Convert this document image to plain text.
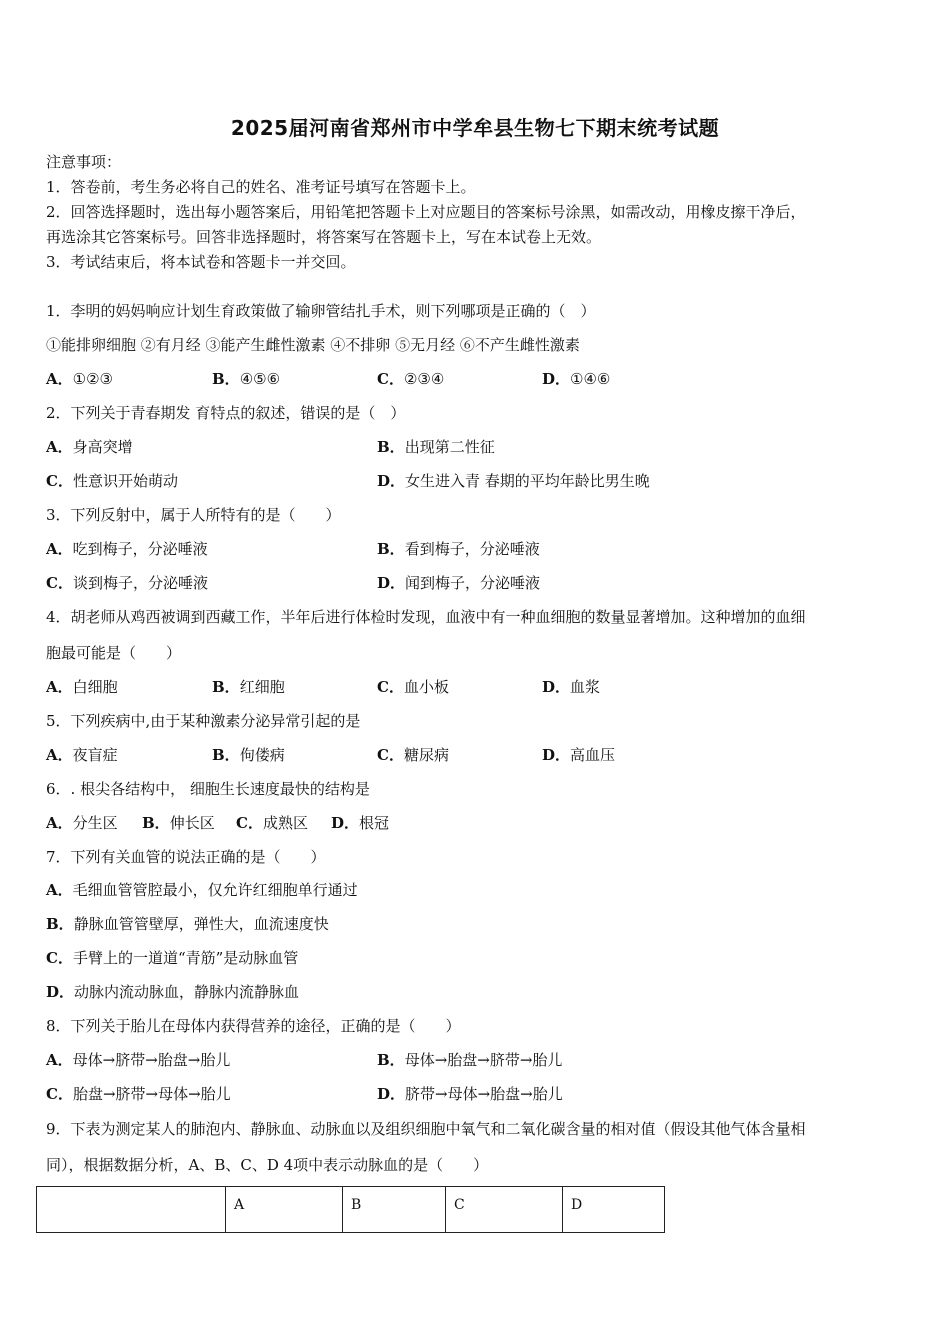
2025届河南省郑州市中学牟县生物七下期末统考试题
注意事项：
1．答卷前，考生务必将自己的姓名、准考证号填写在答题卡上。
2．回答选择题时，选出每小题答案后，用铅笔把答题卡上对应题目的答案标号涂黑，如需改动，用橡皮擦干净后，
再选涂其它答案标号。回答非选择题时，将答案写在答题卡上，写在本试卷上无效。
3．考试结束后，将本试卷和答题卡一并交回。
1．李明的妈妈响应计划生育政策做了输卵管结扎手术，则下列哪项是正确的（　）
①能排卵细胞 ②有月经 ③能产生雌性激素 ④不排卵 ⑤无月经 ⑥不产生雌性激素
A．①②③	B．④⑤⑥	C．②③④	D．①④⑥
2．下列关于青春期发 育特点的叙述，错误的是（　）
A．身高突增	B．出现第二性征
C．性意识开始萌动	D．女生进入青 春期的平均年龄比男生晚
3．下列反射中，属于人所特有的是（　　）
A．吃到梅子，分泌唾液	B．看到梅子，分泌唾液
C．谈到梅子，分泌唾液	D．闻到梅子，分泌唾液
4．胡老师从鸡西被调到西藏工作，半年后进行体检时发现，血液中有一种血细胞的数量显著增加。这种增加的血细
胞最可能是（　　）
A．白细胞	B．红细胞	C．血小板	D．血浆
5．下列疾病中,由于某种激素分泌异常引起的是
A．夜盲症	B．佝偻病	C．糖尿病	D．高血压
6．. 根尖各结构中， 细胞生长速度最快的结构是
A．分生区 B．伸长区 C．成熟区 D．根冠
7．下列有关血管的说法正确的是（　　）
A．毛细血管管腔最小，仅允许红细胞单行通过
B．静脉血管管壁厚，弹性大，血流速度快
C．手臂上的一道道“青筋”是动脉血管
D．动脉内流动脉血，静脉内流静脉血
8．下列关于胎儿在母体内获得营养的途径，正确的是（　　）
A．母体→脐带→胎盘→胎儿	B．母体→胎盘→脐带→胎儿
C．胎盘→脐带→母体→胎儿	D．脐带→母体→胎盘→胎儿
9．下表为测定某人的肺泡内、静脉血、动脉血以及组织细胞中氧气和二氧化碳含量的相对值（假设其他气体含量相
同），根据数据分析，A、B、C、D 4项中表示动脉血的是（　　）
	A	B	C	D
